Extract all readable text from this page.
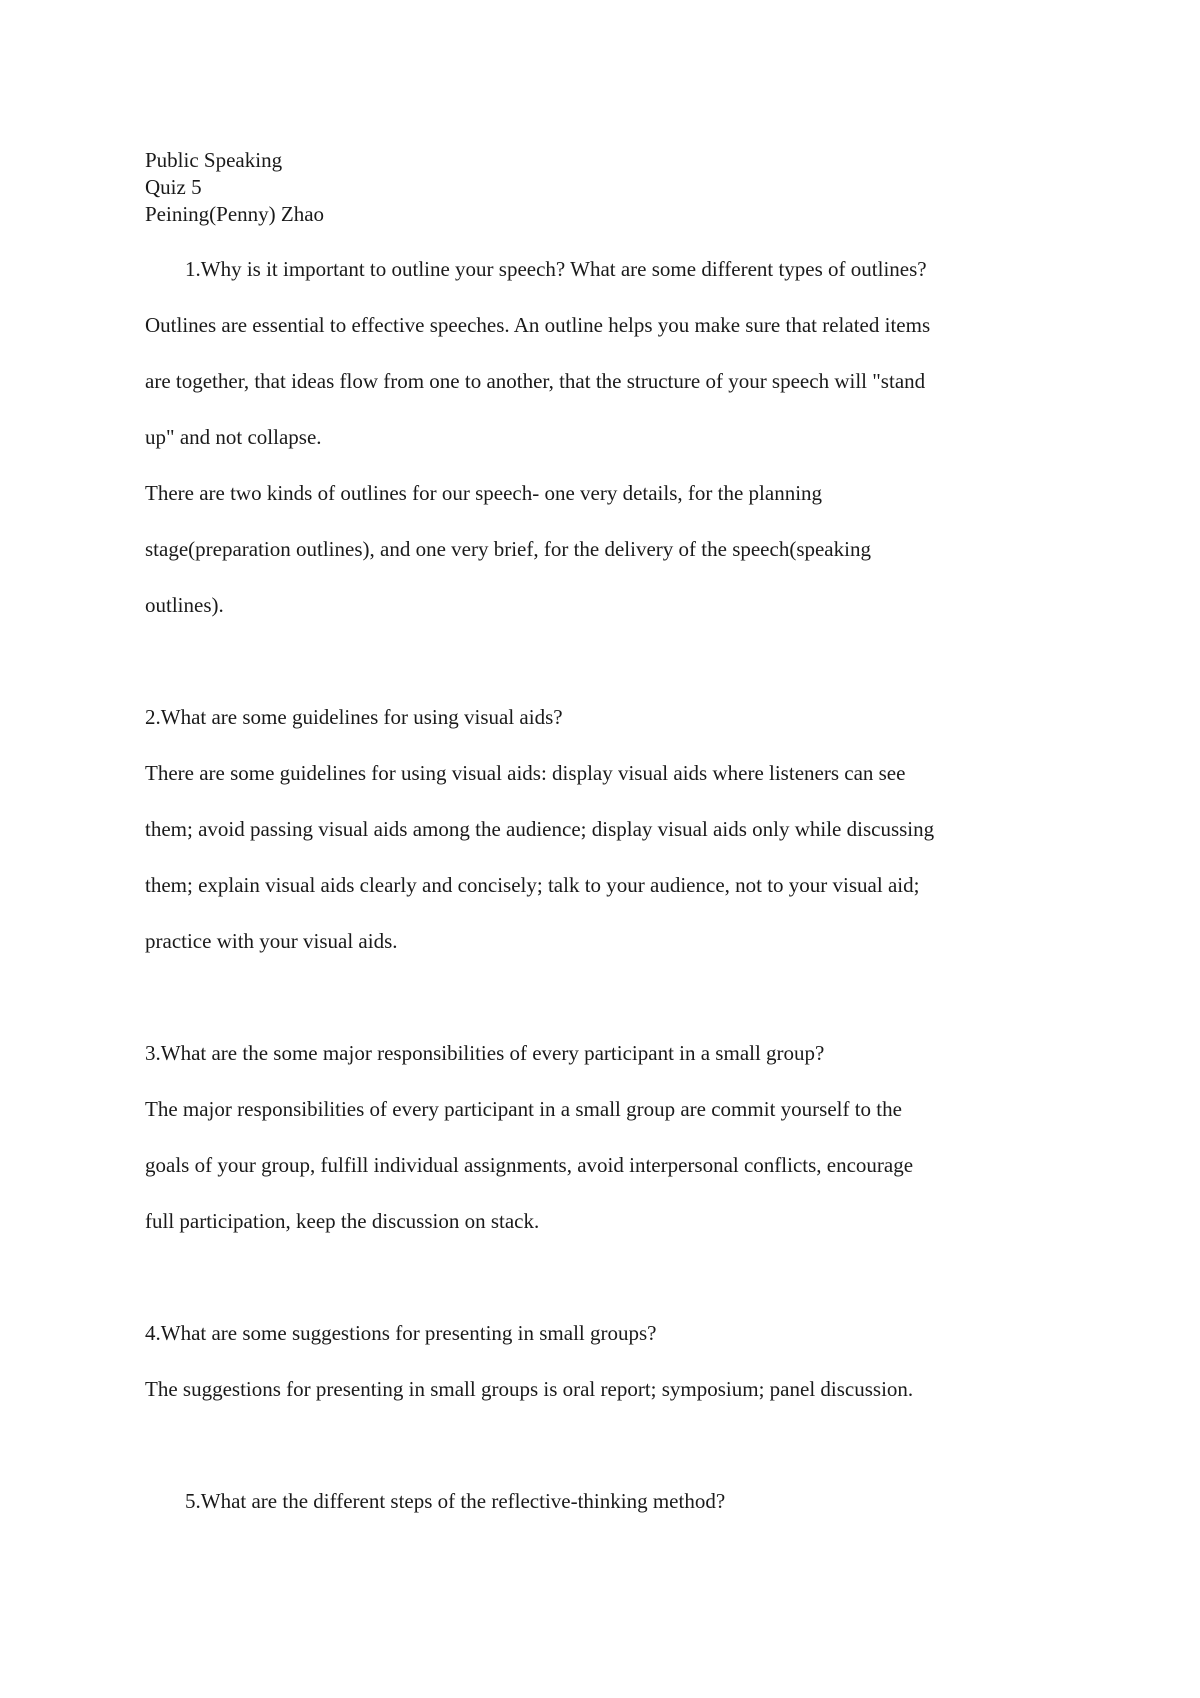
Public Speaking
Quiz 5
Peining(Penny) Zhao
1.Why is it important to outline your speech? What are some different types of outlines?
Outlines are essential to effective speeches. An outline helps you make sure that related items
are together, that ideas flow from one to another, that the structure of your speech will "stand
up" and not collapse.
There are two kinds of outlines for our speech- one very details, for the planning
stage(preparation outlines), and one very brief, for the delivery of the speech(speaking
outlines).
2.What are some guidelines for using visual aids?
There are some guidelines for using visual aids: display visual aids where listeners can see
them; avoid passing visual aids among the audience; display visual aids only while discussing
them; explain visual aids clearly and concisely; talk to your audience, not to your visual aid;
practice with your visual aids.
3.What are the some major responsibilities of every participant in a small group?
The major responsibilities of every participant in a small group are commit yourself to the
goals of your group, fulfill individual assignments, avoid interpersonal conflicts, encourage
full participation, keep the discussion on stack.
4.What are some suggestions for presenting in small groups?
The suggestions for presenting in small groups is oral report; symposium; panel discussion.
5.What are the different steps of the reflective-thinking method?
